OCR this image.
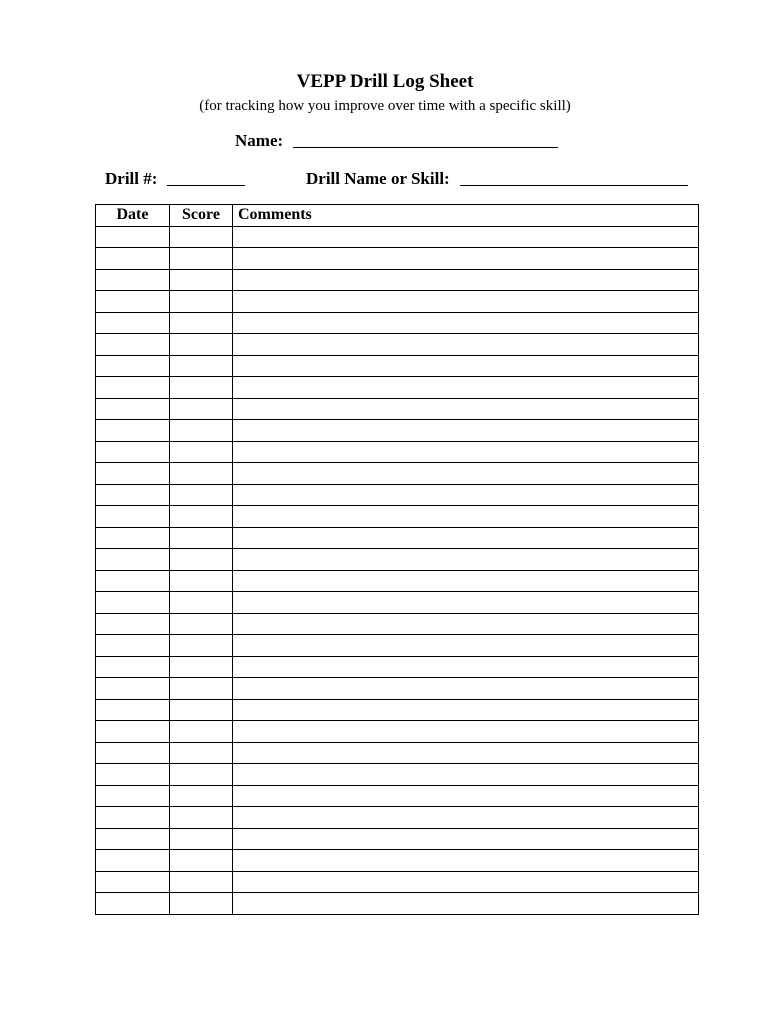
VEPP Drill Log Sheet
(for tracking how you improve over time with a specific skill)
Name:
Drill #:	Drill Name or Skill:
Date	Score	Comments
